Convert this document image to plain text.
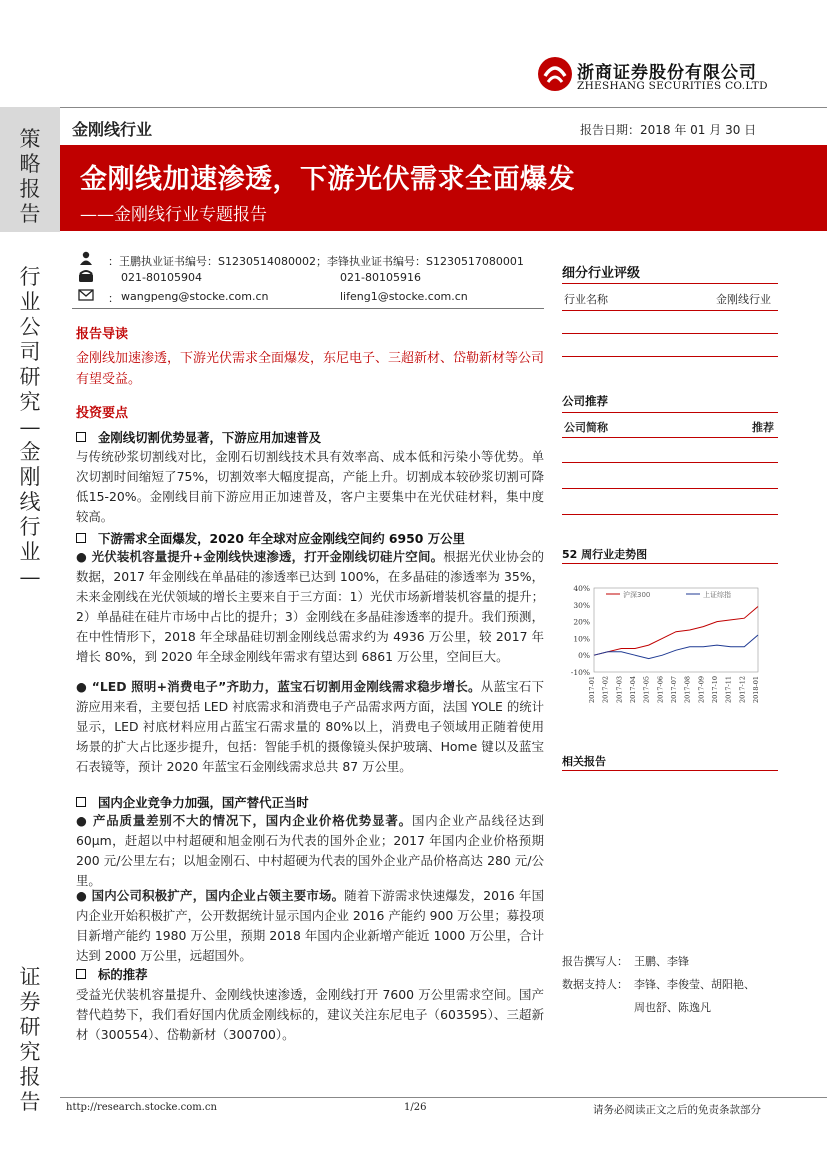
浙商证券股份有限公司
ZHESHANG SECURITIES CO.LTD
策略报告
行业公司研究—金刚线行业—
证券研究报告
金刚线行业	报告日期：2018 年 01 月 30 日
金刚线加速渗透，下游光伏需求全面爆发
——金刚线行业专题报告
：王鹏执业证书编号：S1230514080002；李锋执业证书编号：S1230517080001
021-80105904	021-80105916
： wangpeng@stocke.com.cn	lifeng1@stocke.com.cn
报告导读
金刚线加速渗透，下游光伏需求全面爆发，东尼电子、三超新材、岱勒新材等公司有望受益。
投资要点
金刚线切割优势显著，下游应用加速普及
与传统砂浆切割线对比，金刚石切割线技术具有效率高、成本低和污染小等优势。单次切割时间缩短了75%，切割效率大幅度提高，产能上升。切割成本较砂浆切割可降低15-20%。金刚线目前下游应用正加速普及，客户主要集中在光伏硅材料，集中度较高。
下游需求全面爆发，2020 年全球对应金刚线空间约 6950 万公里
● 光伏装机容量提升+金刚线快速渗透，打开金刚线切硅片空间。根据光伏业协会的数据，2017 年金刚线在单晶硅的渗透率已达到 100%，在多晶硅的渗透率为 35%，未来金刚线在光伏领域的增长主要来自于三方面：1）光伏市场新增装机容量的提升；2）单晶硅在硅片市场中占比的提升；3）金刚线在多晶硅渗透率的提升。我们预测，在中性情形下，2018 年全球晶硅切割金刚线总需求约为 4936 万公里，较 2017 年增长 80%，到 2020 年全球金刚线年需求有望达到 6861 万公里，空间巨大。
● “LED 照明+消费电子”齐助力，蓝宝石切割用金刚线需求稳步增长。从蓝宝石下游应用来看，主要包括 LED 衬底需求和消费电子产品需求两方面，法国 YOLE 的统计显示，LED 衬底材料应用占蓝宝石需求量的 80%以上，消费电子领域用正随着使用场景的扩大占比逐步提升，包括：智能手机的摄像镜头保护玻璃、Home 键以及蓝宝石表镜等，预计 2020 年蓝宝石金刚线需求总共 87 万公里。
国内企业竞争力加强，国产替代正当时
● 产品质量差别不大的情况下，国内企业价格优势显著。国内企业产品线径达到 60μm，赶超以中村超硬和旭金刚石为代表的国外企业；2017 年国内企业价格预期 200 元/公里左右；以旭金刚石、中村超硬为代表的国外企业产品价格高达 280 元/公里。
● 国内公司积极扩产，国内企业占领主要市场。随着下游需求快速爆发，2016 年国内企业开始积极扩产，公开数据统计显示国内企业 2016 产能约 900 万公里；募投项目新增产能约 1980 万公里，预期 2018 年国内企业新增产能近 1000 万公里，合计达到 2000 万公里，远超国外。
标的推荐
受益光伏装机容量提升、金刚线快速渗透，金刚线打开 7600 万公里需求空间。国产替代趋势下，我们看好国内优质金刚线标的，建议关注东尼电子（603595）、三超新材（300554）、岱勒新材（300700）。
细分行业评级
行业名称	金刚线行业
公司推荐
公司简称	推荐
52 周行业走势图
40%
30%
20%
10%
0%
-10%
2017-01 2017-02 2017-03 2017-04 2017-05 2017-06 2017-07 2017-08 2017-09 2017-10 2017-11 2017-12 2018-01
沪深300	上证综指
相关报告
报告撰写人： 王鹏、李锋
数据支持人： 李锋、李俊莹、胡阳艳、
周也舒、陈逸凡
http://research.stocke.com.cn	1/26	请务必阅读正文之后的免责条款部分
